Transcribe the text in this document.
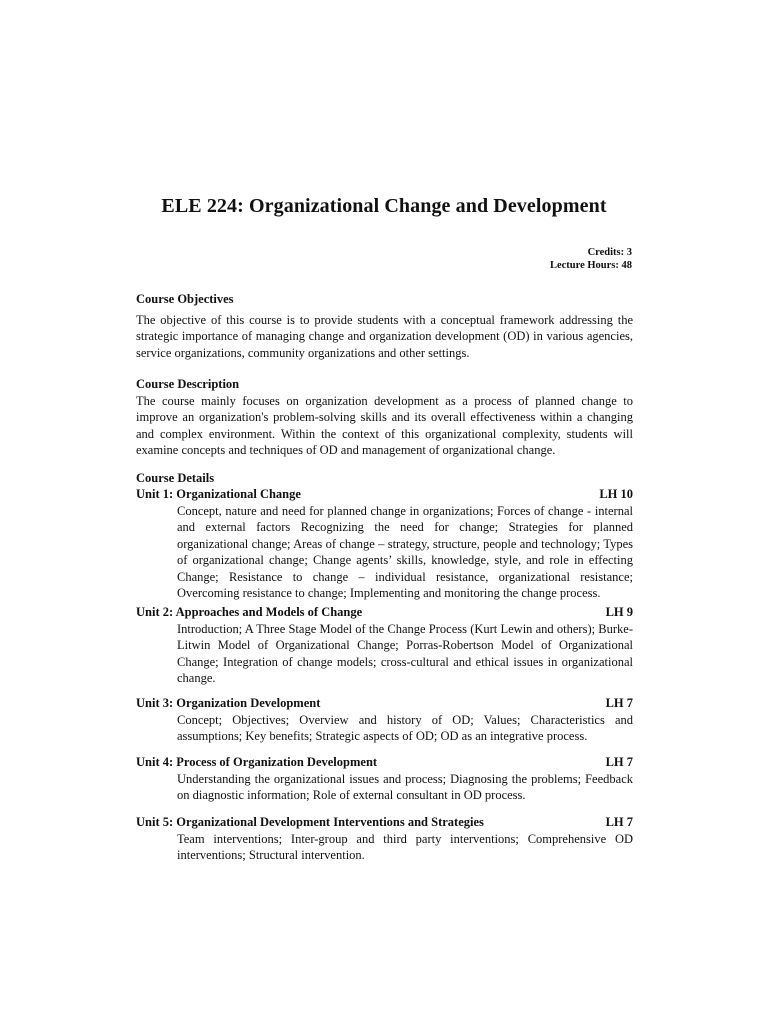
ELE 224: Organizational Change and Development
Credits: 3
Lecture Hours: 48
Course Objectives
The objective of this course is to provide students with a conceptual framework addressing the strategic importance of managing change and organization development (OD) in various agencies, service organizations, community organizations and other settings.
Course Description
The course mainly focuses on organization development as a process of planned change to improve an organization's problem-solving skills and its overall effectiveness within a changing and complex environment. Within the context of this organizational complexity, students will examine concepts and techniques of OD and management of organizational change.
Course Details
Unit 1: Organizational Change	LH 10
Concept, nature and need for planned change in organizations; Forces of change - internal and external factors Recognizing the need for change; Strategies for planned organizational change; Areas of change – strategy, structure, people and technology; Types of organizational change; Change agents’ skills, knowledge, style, and role in effecting Change; Resistance to change – individual resistance, organizational resistance; Overcoming resistance to change; Implementing and monitoring the change process.
Unit 2: Approaches and Models of Change	LH 9
Introduction; A Three Stage Model of the Change Process (Kurt Lewin and others); Burke-Litwin Model of Organizational Change; Porras-Robertson Model of Organizational Change; Integration of change models; cross-cultural and ethical issues in organizational change.
Unit 3: Organization Development	LH 7
Concept; Objectives; Overview and history of OD; Values; Characteristics and assumptions; Key benefits; Strategic aspects of OD; OD as an integrative process.
Unit 4: Process of Organization Development	LH 7
Understanding the organizational issues and process; Diagnosing the problems; Feedback on diagnostic information; Role of external consultant in OD process.
Unit 5: Organizational Development Interventions and Strategies	LH 7
Team interventions; Inter-group and third party interventions; Comprehensive OD interventions; Structural intervention.
